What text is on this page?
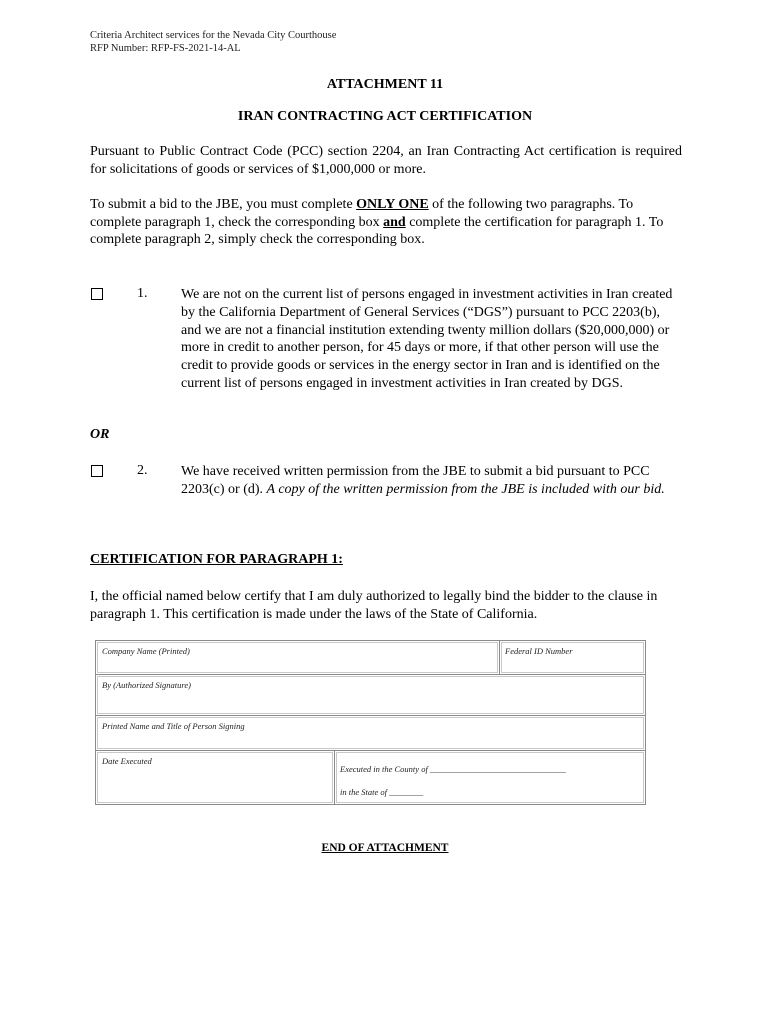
Criteria Architect services for the Nevada City Courthouse
RFP Number: RFP-FS-2021-14-AL
ATTACHMENT 11
IRAN CONTRACTING ACT CERTIFICATION
Pursuant to Public Contract Code (PCC) section 2204, an Iran Contracting Act certification is required for solicitations of goods or services of $1,000,000 or more.
To submit a bid to the JBE, you must complete ONLY ONE of the following two paragraphs. To complete paragraph 1, check the corresponding box and complete the certification for paragraph 1. To complete paragraph 2, simply check the corresponding box.
1. We are not on the current list of persons engaged in investment activities in Iran created by the California Department of General Services (“DGS”) pursuant to PCC 2203(b), and we are not a financial institution extending twenty million dollars ($20,000,000) or more in credit to another person, for 45 days or more, if that other person will use the credit to provide goods or services in the energy sector in Iran and is identified on the current list of persons engaged in investment activities in Iran created by DGS.
OR
2. We have received written permission from the JBE to submit a bid pursuant to PCC 2203(c) or (d). A copy of the written permission from the JBE is included with our bid.
CERTIFICATION FOR PARAGRAPH 1:
I, the official named below certify that I am duly authorized to legally bind the bidder to the clause in paragraph 1. This certification is made under the laws of the State of California.
Company Name (Printed)	Federal ID Number
By (Authorized Signature)
Printed Name and Title of Person Signing
Date Executed
Executed in the County of ________________________________
in the State of ________
END OF ATTACHMENT
